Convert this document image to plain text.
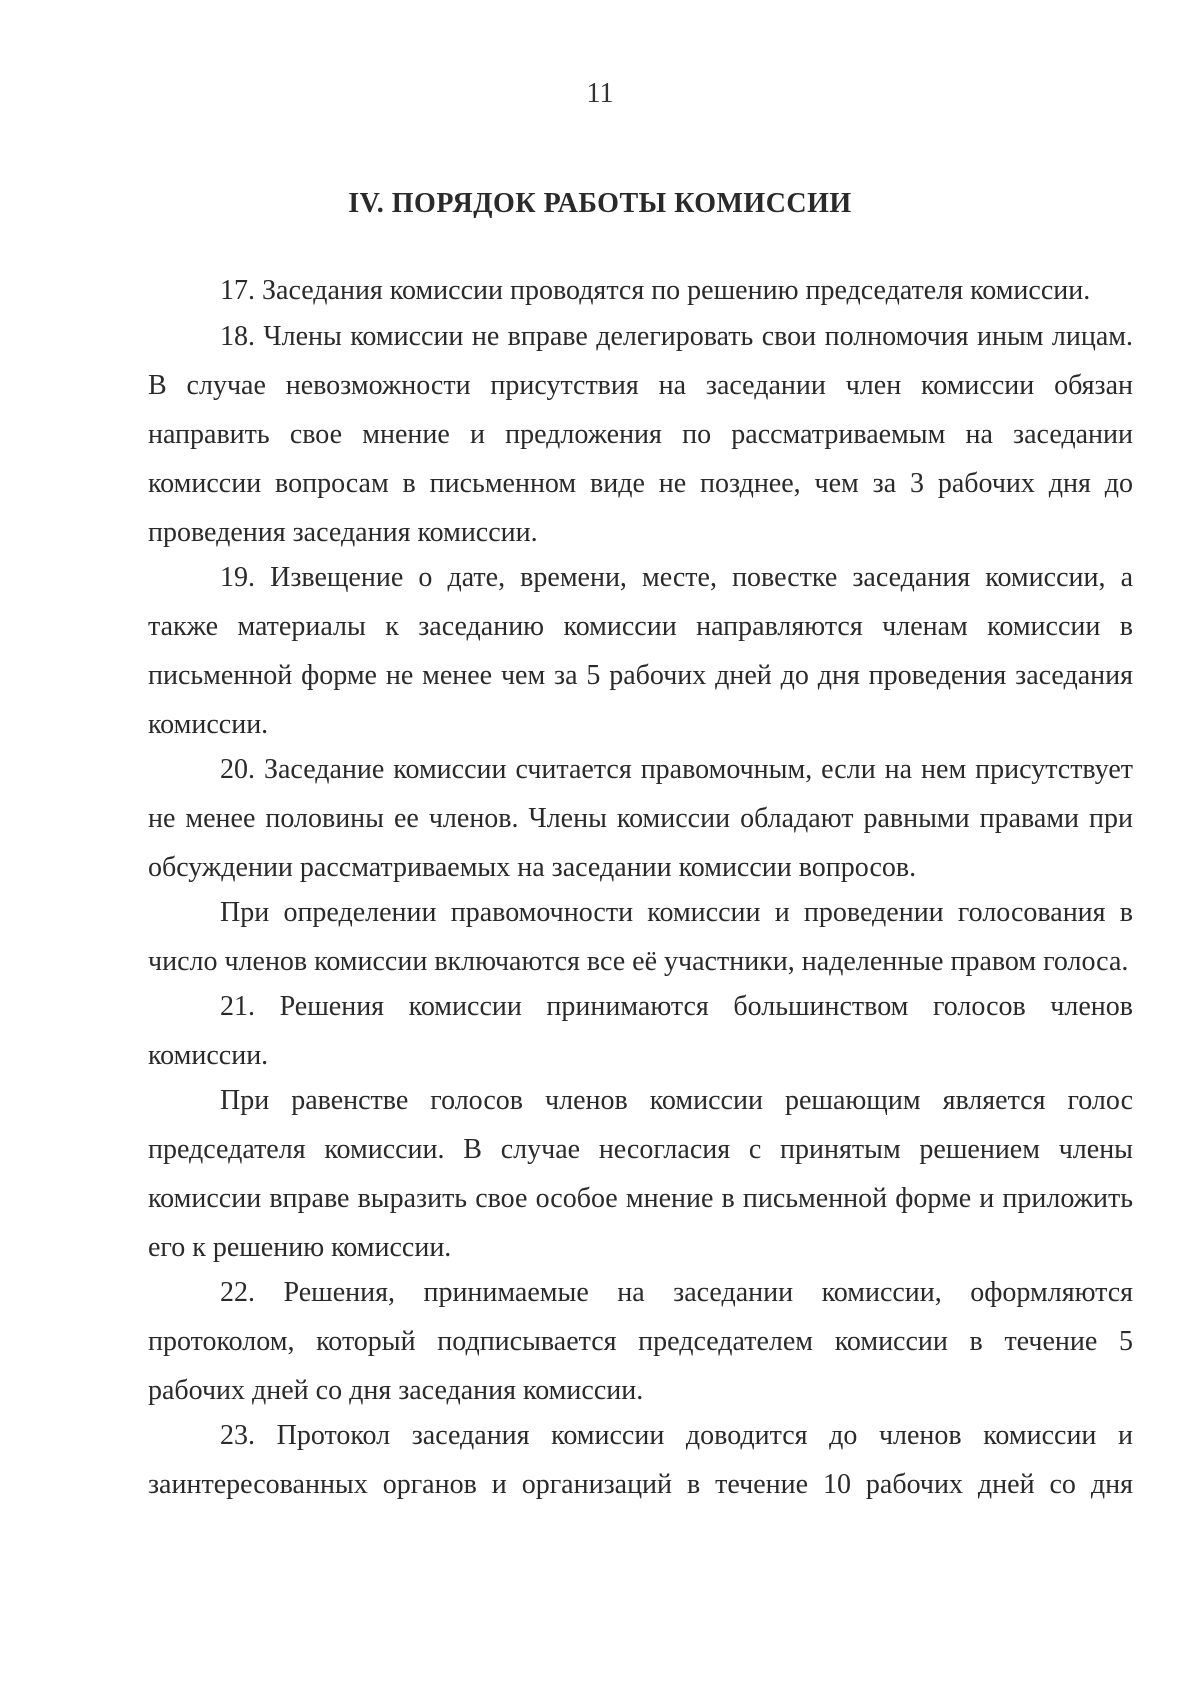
11
IV. ПОРЯДОК РАБОТЫ КОМИССИИ

17. Заседания комиссии проводятся по решению председателя комиссии.

18. Члены комиссии не вправе делегировать свои полномочия иным лицам. В случае невозможности присутствия на заседании член комиссии обязан направить свое мнение и предложения по рассматриваемым на заседании комиссии вопросам в письменном виде не позднее, чем за 3 рабочих дня до проведения заседания комиссии.

19. Извещение о дате, времени, месте, повестке заседания комиссии, а также материалы к заседанию комиссии направляются членам комиссии в письменной форме не менее чем за 5 рабочих дней до дня проведения заседания комиссии.

20. Заседание комиссии считается правомочным, если на нем присутствует не менее половины ее членов. Члены комиссии обладают равными правами при обсуждении рассматриваемых на заседании комиссии вопросов.

При определении правомочности комиссии и проведении голосования в число членов комиссии включаются все её участники, наделенные правом голоса.

21. Решения комиссии принимаются большинством голосов членов комиссии.

При равенстве голосов членов комиссии решающим является голос председателя комиссии. В случае несогласия с принятым решением члены комиссии вправе выразить свое особое мнение в письменной форме и приложить его к решению комиссии.

22. Решения, принимаемые на заседании комиссии, оформляются протоколом, который подписывается председателем комиссии в течение 5 рабочих дней со дня заседания комиссии.

23. Протокол заседания комиссии доводится до членов комиссии и заинтересованных органов и организаций в течение 10 рабочих дней со дня
